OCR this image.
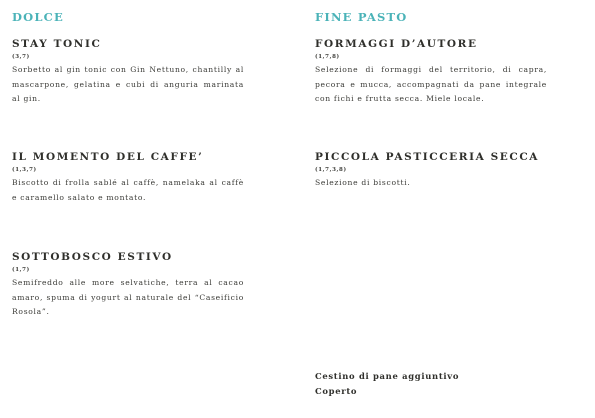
DOLCE
STAY TONIC
(3,7)
Sorbetto al gin tonic con Gin Nettuno, chantilly al mascarpone, gelatina e cubi di anguria marinata al gin.
IL MOMENTO DEL CAFFE’
(1,3,7)
Biscotto di frolla sablé al caffè, namelaka al caffè e caramello salato e montato.
SOTTOBOSCO ESTIVO
(1,7)
Semifreddo alle more selvatiche, terra al cacao amaro, spuma di yogurt al naturale del “Caseificio Rosola”.
FINE PASTO
FORMAGGI D’AUTORE
(1,7,8)
Selezione di formaggi del territorio, di capra, pecora e mucca, accompagnati da pane integrale con fichi e frutta secca. Miele locale.
PICCOLA PASTICCERIA SECCA
(1,7,3,8)
Selezione di biscotti.
Cestino di pane aggiuntivo
Coperto
